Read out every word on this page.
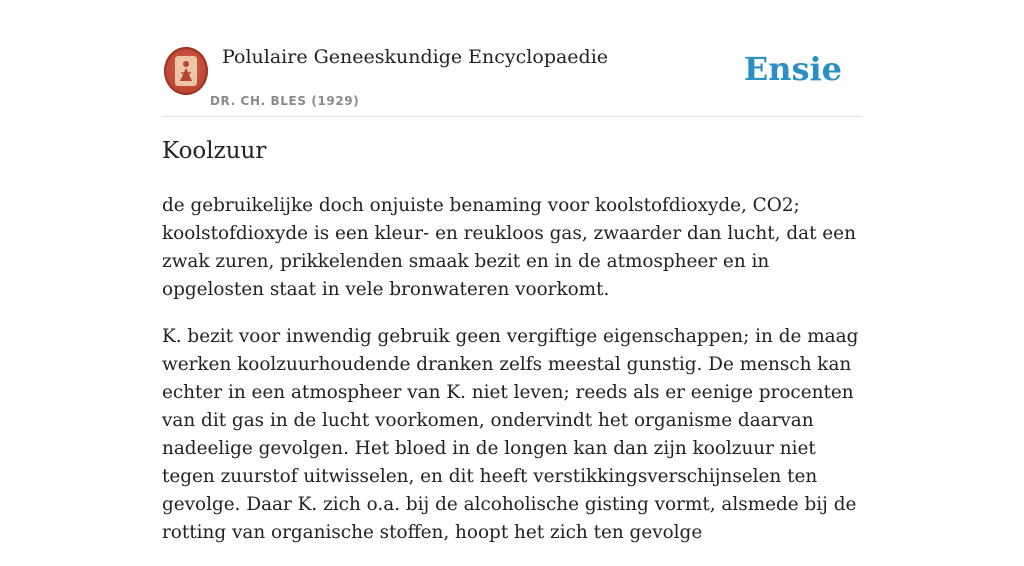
Polulaire Geneeskundige Encyclopaedie
DR. CH. BLES (1929)
Ensie
Koolzuur

de gebruikelijke doch onjuiste benaming voor koolstofdioxyde, CO2; koolstofdioxyde is een kleur- en reukloos gas, zwaarder dan lucht, dat een zwak zuren, prikkelenden smaak bezit en in de atmospheer en in opgelosten staat in vele bronwateren voorkomt.

K. bezit voor inwendig gebruik geen vergiftige eigenschappen; in de maag werken koolzuurhoudende dranken zelfs meestal gunstig. De mensch kan echter in een atmospheer van K. niet leven; reeds als er eenige procenten van dit gas in de lucht voorkomen, ondervindt het organisme daarvan nadeelige gevolgen. Het bloed in de longen kan dan zijn koolzuur niet tegen zuurstof uitwisselen, en dit heeft verstikkingsverschijnselen ten gevolge. Daar K. zich o.a. bij de alcoholische gisting vormt, alsmede bij de rotting van organische stoffen, hoopt het zich ten gevolge
